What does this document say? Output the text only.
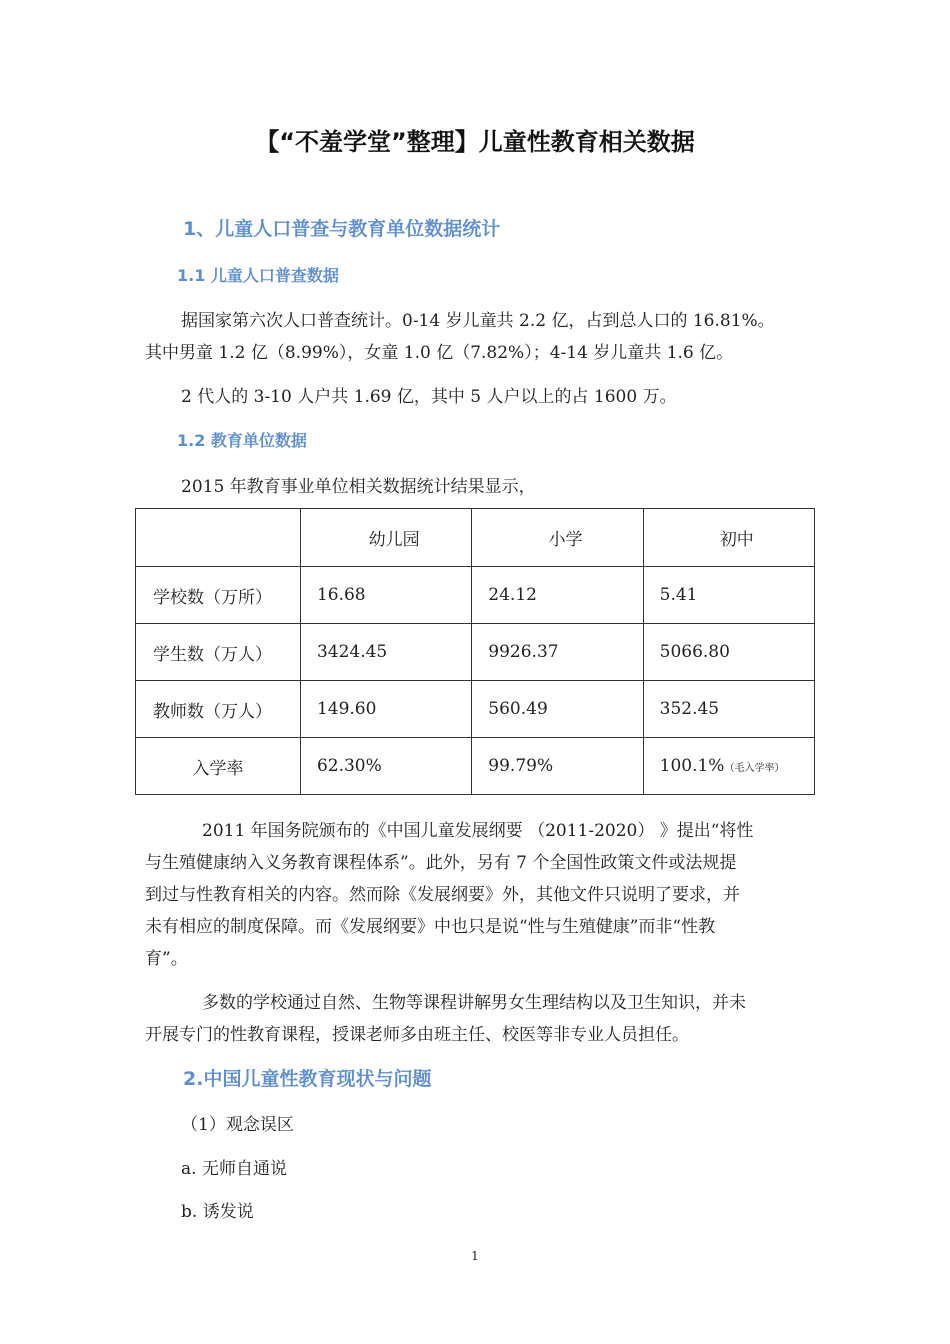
【“不羞学堂”整理】儿童性教育相关数据
1、儿童人口普查与教育单位数据统计
1.1 儿童人口普查数据
据国家第六次人口普查统计。0-14 岁儿童共 2.2 亿，占到总人口的 16.81%。
其中男童 1.2 亿（8.99%），女童 1.0 亿（7.82%）；4-14 岁儿童共 1.6 亿。
2 代人的 3-10 人户共 1.69 亿，其中 5 人户以上的占 1600 万。
1.2 教育单位数据
2015 年教育事业单位相关数据统计结果显示，
	幼儿园	小学	初中
学校数（万所）	16.68	24.12	5.41
学生数（万人）	3424.45	9926.37	5066.80
教师数（万人）	149.60	560.49	352.45
入学率	62.30%	99.79%	100.1%（毛入学率）
2011 年国务院颁布的《中国儿童发展纲要 （2011-2020） 》提出“将性
与生殖健康纳入义务教育课程体系”。此外，另有 7 个全国性政策文件或法规提
到过与性教育相关的内容。然而除《发展纲要》外，其他文件只说明了要求，并
未有相应的制度保障。而《发展纲要》中也只是说“性与生殖健康”而非“性教
育”。
多数的学校通过自然、生物等课程讲解男女生理结构以及卫生知识，并未
开展专门的性教育课程，授课老师多由班主任、校医等非专业人员担任。
2.中国儿童性教育现状与问题
（1）观念误区
a. 无师自通说
b. 诱发说
1
